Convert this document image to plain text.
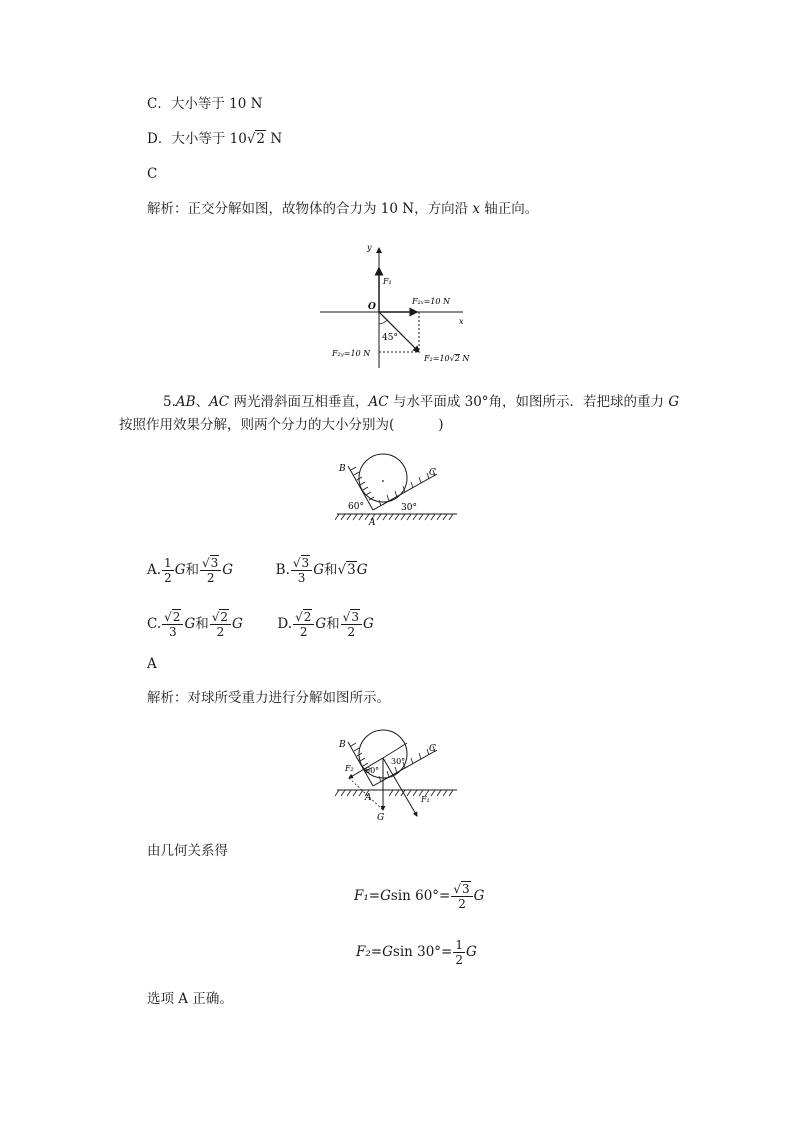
C．大小等于 10 N
D．大小等于 10√2 N
C
解析：正交分解如图，故物体的合力为 10 N，方向沿 x 轴正向。
y
x
O
F₁
F₂ₓ=10 N
45°
F₂ᵧ=10 N
F₂=10√2 N
5.AB、AC 两光滑斜面互相垂直，AC 与水平面成 30°角，如图所示．若把球的重力 G
按照作用效果分解，则两个分力的大小分别为(	)
B	C
A
60°	30°
A. $\frac{1}{2}$ G和 $\frac{√3}{2}$ G	B. $\frac{√3}{3}$ G和√3G
C. $\frac{√2}{3}$ G和 $\frac{√2}{2}$ G	D. $\frac{√2}{2}$ G和 $\frac{√3}{2}$ G
A
解析：对球所受重力进行分解如图所示。
B	C
A
G
F₁
F₂ 60°
30°
由几何关系得
F₁=Gsin $60^\circ= \frac{√3}{2}$ G
F₂=Gsin $30^\circ= \frac{1}{2}$ G
选项 A 正确。
